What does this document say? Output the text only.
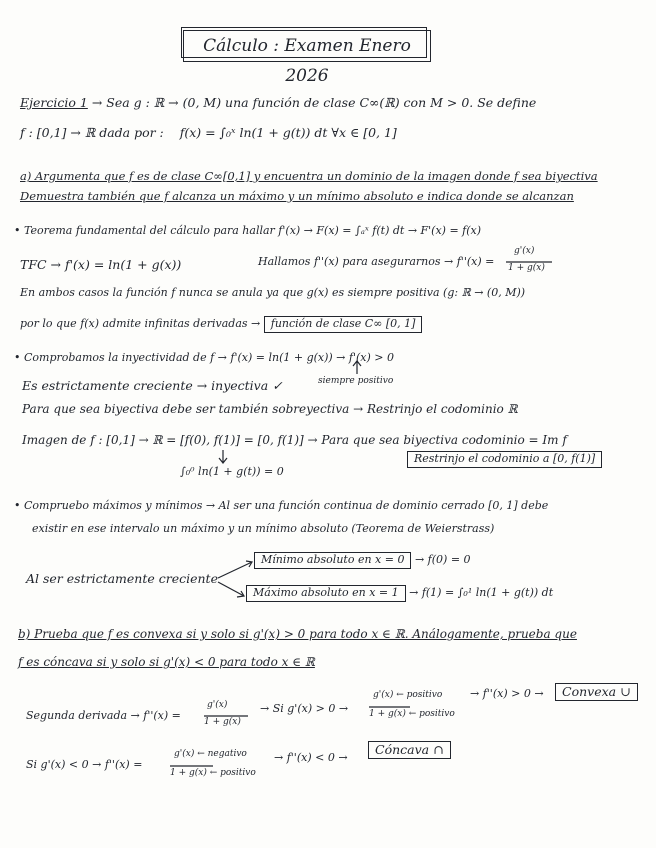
Cálculo : Examen Enero 2026
Ejercicio 1 → Sea g : ℝ → (0, M) una función de clase C∞(ℝ) con M > 0. Se define
f : [0,1] → ℝ dada por : f(x) = ∫₀ˣ ln(1 + g(t)) dt ∀x ∈ [0, 1]
a) Argumenta que f es de clase C∞[0,1] y encuentra un dominio de la imagen donde f sea biyectiva
Demuestra también que f alcanza un máximo y un mínimo absoluto e indica donde se alcanzan
• Teorema fundamental del cálculo para hallar f'(x) → F(x) = ∫ₐˣ f(t) dt → F'(x) = f(x)
TFC → f'(x) = ln(1 + g(x))	Hallamos f''(x) para asegurarnos → f''(x) =
g'(x)
1 + g(x)
En ambos casos la función f nunca se anula ya que g(x) es siempre positiva (g: ℝ → (0, M))
por lo que f(x) admite infinitas derivadas → función de clase C∞ [0, 1]
• Comprobamos la inyectividad de f → f'(x) = ln(1 + g(x)) → f'(x) > 0
siempre positivo
Es estrictamente creciente → inyectiva ✓
Para que sea biyectiva debe ser también sobreyectiva → Restrinjo el codominio ℝ
Imagen de f : [0,1] → ℝ = [f(0), f(1)] = [0, f(1)] → Para que sea biyectiva codominio = Im f
∫₀⁰ ln(1 + g(t)) = 0
Restrinjo el codominio a [0, f(1)]
• Compruebo máximos y mínimos → Al ser una función continua de dominio cerrado [0, 1] debe
existir en ese intervalo un máximo y un mínimo absoluto (Teorema de Weierstrass)
Al ser estrictamente creciente
Mínimo absoluto en x = 0 → f(0) = 0
Máximo absoluto en x = 1 → f(1) = ∫₀¹ ln(1 + g(t)) dt
b) Prueba que f es convexa si y solo si g'(x) > 0 para todo x ∈ ℝ. Análogamente, prueba que
f es cóncava si y solo si g'(x) < 0 para todo x ∈ ℝ
Segunda derivada → f''(x) =
g'(x)
1 + g(x)
→ Si g'(x) > 0 →
g'(x) ← positivo
1 + g(x) ← positivo
→ f''(x) > 0 →	Convexa ∪
Si g'(x) < 0 → f''(x) =
g'(x) ← negativo
1 + g(x) ← positivo
→ f''(x) < 0 →
Cóncava ∩
